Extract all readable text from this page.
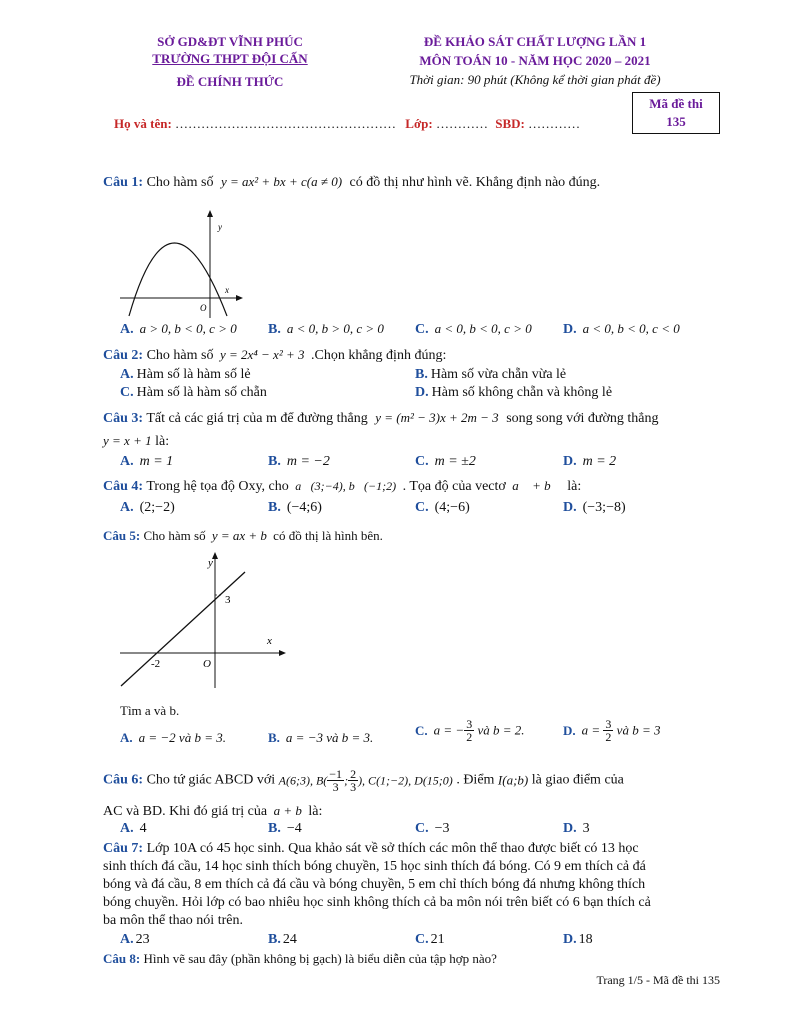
SỞ GD&ĐT VĨNH PHÚC
TRƯỜNG THPT ĐỘI CẤN
ĐỀ CHÍNH THỨC
ĐỀ KHẢO SÁT CHẤT LƯỢNG LẦN 1
MÔN TOÁN 10 - NĂM HỌC 2020 – 2021
Thời gian: 90 phút (Không kể thời gian phát đề)
Mã đề thi
135
Họ và tên: …………………………………………… Lớp: ………… SBD: …………
Câu 1: Cho hàm số y = ax² + bx + c(a ≠ 0) có đồ thị như hình vẽ. Khẳng định nào đúng.
y
x
O
A. a > 0, b < 0, c > 0 B. a < 0, b > 0, c > 0 C. a < 0, b < 0, c > 0 D. a < 0, b < 0, c < 0
Câu 2: Cho hàm số y = 2x⁴ − x² + 3 .Chọn khẳng định đúng:
A. Hàm số là hàm số lẻ	B. Hàm số vừa chẵn vừa lẻ
C. Hàm số là hàm số chẵn	D. Hàm số không chẵn và không lẻ
Câu 3: Tất cả các giá trị của m để đường thẳng y = (m² − 3)x + 2m − 3 song song với đường thẳng
y = x + 1 là:
A. m = 1	B. m = −2	C. m = ±2	D. m = 2
Câu 4: Trong hệ tọa độ Oxy, cho a⃗(3;−4), b⃗(−1;2) . Tọa độ của vectơ a⃗ + b⃗ là:
A. (2;−2)	B. (−4;6)	C. (4;−6)	D. (−3;−8)
Câu 5: Cho hàm số y = ax + b có đồ thị là hình bên.
y
x
O
3
-2
Tìm a và b.
A. a = −2 và b = 3.	B. a = −3 và b = 3.	C. a = − $\frac{3}{2}$ và b = 2.	D. $a = \frac{3}{2}$ và b = 3
Câu 6: Cho tứ giác ABCD với A(6;3), $B( \frac{-1}{3}$ ; $\frac{2}{3}$ ), C(1;−2), D(15;0) . Điểm I(a;b) là giao điểm của
AC và BD. Khi đó giá trị của a + b là:
A. 4	B. −4	C. −3	D. 3
Câu 7: Lớp 10A có 45 học sinh. Qua khảo sát về sở thích các môn thể thao được biết có 13 học
sinh thích đá cầu, 14 học sinh thích bóng chuyền, 15 học sinh thích đá bóng. Có 9 em thích cả đá
bóng và đá cầu, 8 em thích cả đá cầu và bóng chuyền, 5 em chỉ thích bóng đá nhưng không thích
bóng chuyền. Hỏi lớp có bao nhiêu học sinh không thích cả ba môn nói trên biết có 6 bạn thích cả
ba môn thể thao nói trên.
A. 23	B. 24	C. 21	D. 18
Câu 8: Hình vẽ sau đây (phần không bị gạch) là biểu diễn của tập hợp nào?
Trang 1/5 - Mã đề thi 135
